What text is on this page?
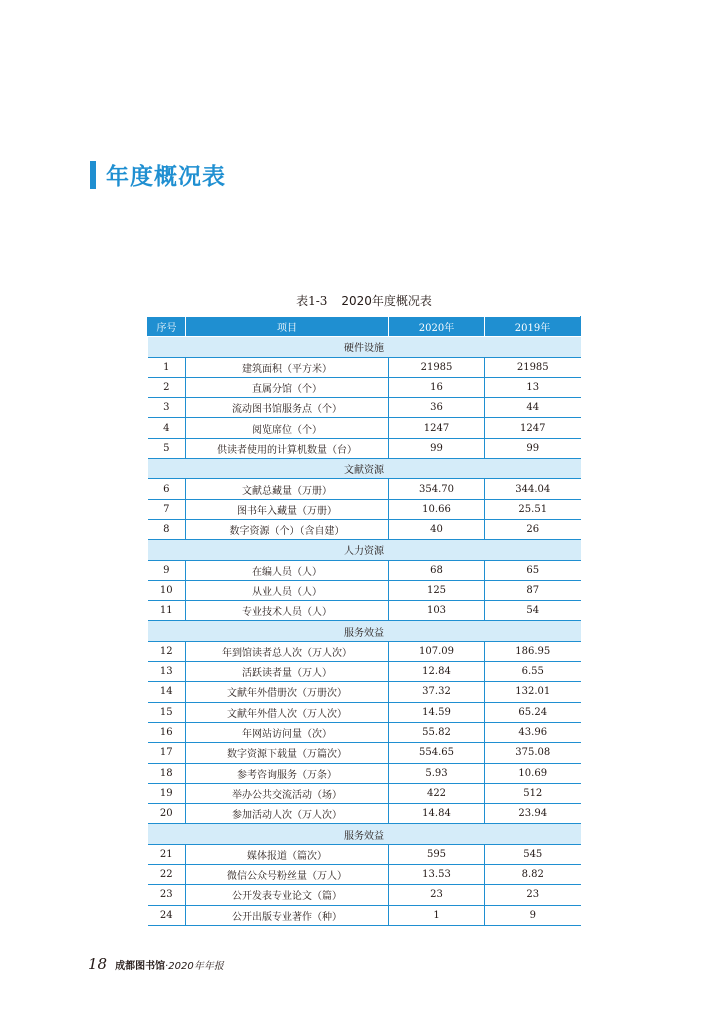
年度概况表
表1-3 2020年度概况表
序号	项目	2020年	2019年
硬件设施			
1	建筑面积（平方米）	21985	21985
2	直属分馆（个）	16	13
3	流动图书馆服务点（个）	36	44
4	阅览席位（个）	1247	1247
5	供读者使用的计算机数量（台）	99	99
文献资源			
6	文献总藏量（万册）	354.70	344.04
7	图书年入藏量（万册）	10.66	25.51
8	数字资源（个）（含自建）	40	26
人力资源			
9	在编人员（人）	68	65
10	从业人员（人）	125	87
11	专业技术人员（人）	103	54
服务效益			
12	年到馆读者总人次（万人次）	107.09	186.95
13	活跃读者量（万人）	12.84	6.55
14	文献年外借册次（万册次）	37.32	132.01
15	文献年外借人次（万人次）	14.59	65.24
16	年网站访问量（次）	55.82	43.96
17	数字资源下载量（万篇次）	554.65	375.08
18	参考咨询服务（万条）	5.93	10.69
19	举办公共交流活动（场）	422	512
20	参加活动人次（万人次）	14.84	23.94
服务效益			
21	媒体报道（篇次）	595	545
22	微信公众号粉丝量（万人）	13.53	8.82
23	公开发表专业论文（篇）	23	23
24	公开出版专业著作（种）	1	9
18 成都图书馆 · 2020年年报
